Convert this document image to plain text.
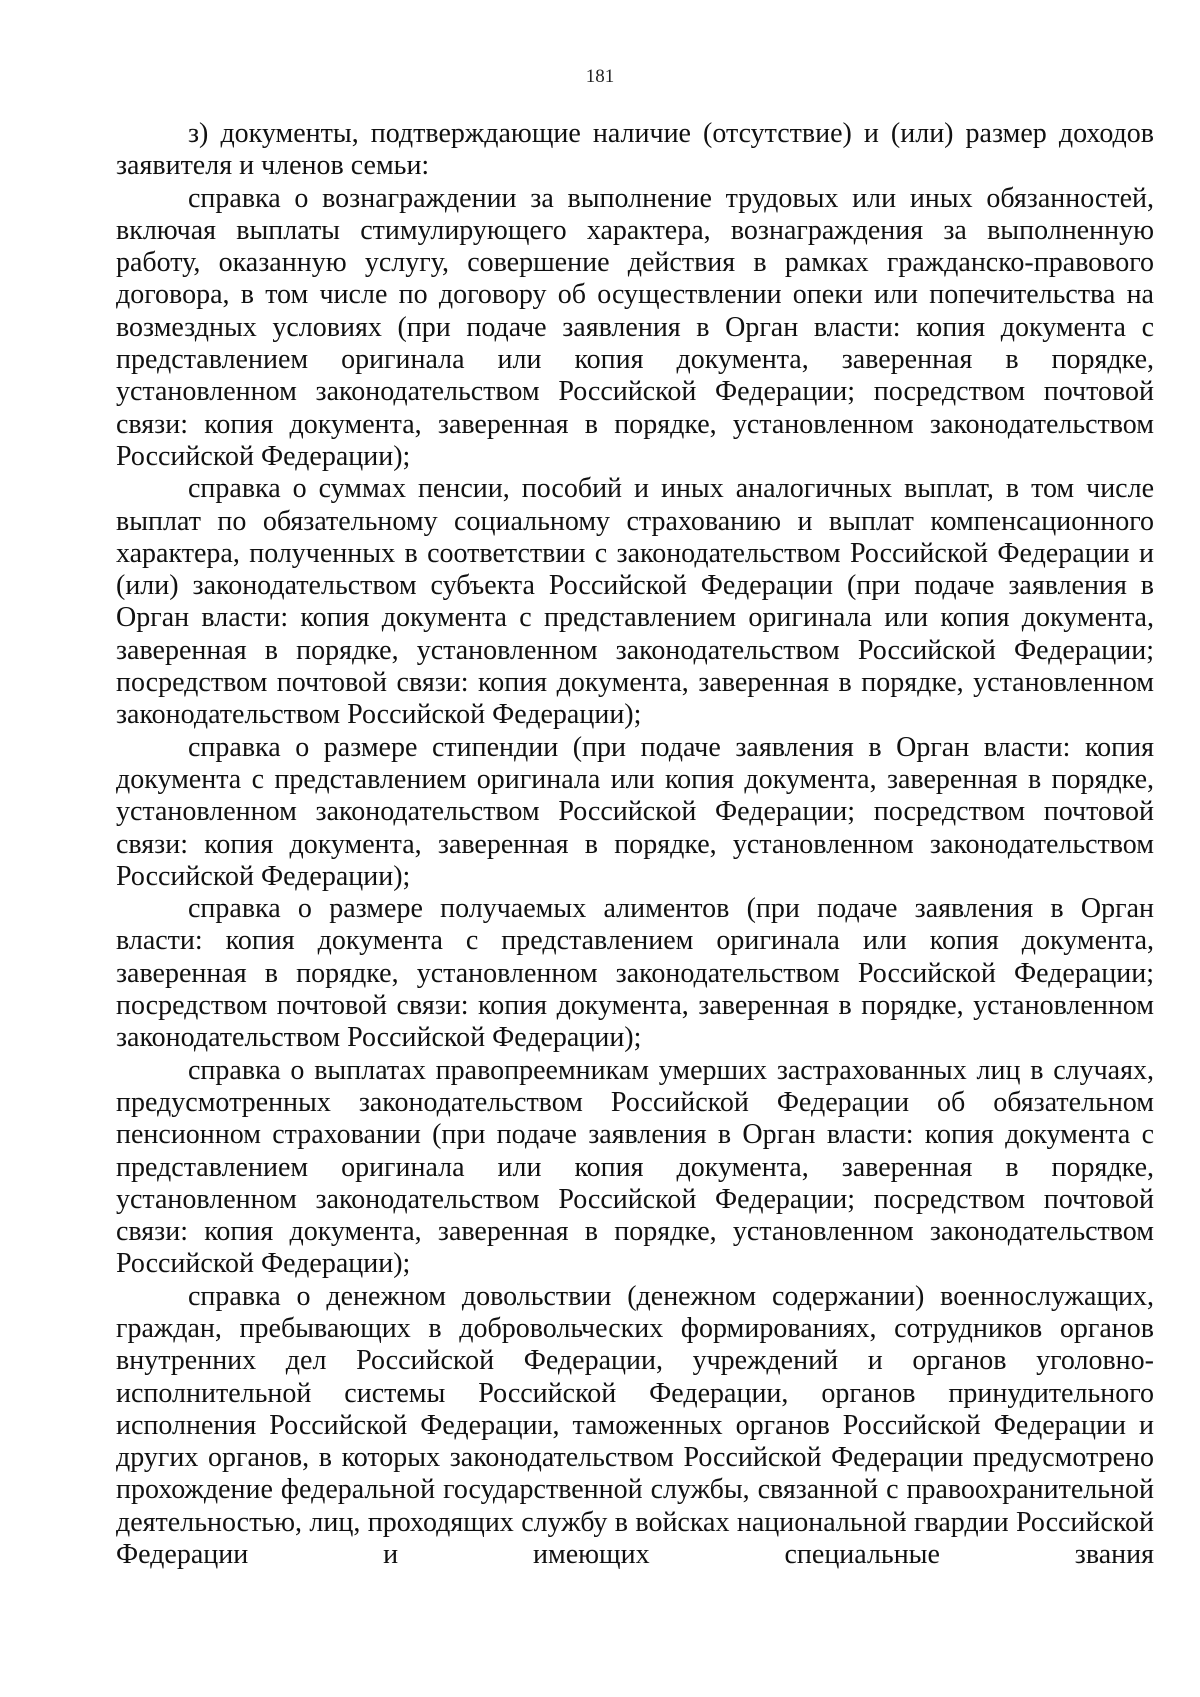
181

з) документы, подтверждающие наличие (отсутствие) и (или) размер доходов заявителя и членов семьи:

справка о вознаграждении за выполнение трудовых или иных обязанностей, включая выплаты стимулирующего характера, вознаграждения за выполненную работу, оказанную услугу, совершение действия в рамках гражданско-правового договора, в том числе по договору об осуществлении опеки или попечительства на возмездных условиях (при подаче заявления в Орган власти: копия документа с представлением оригинала или копия документа, заверенная в порядке, установленном законодательством Российской Федерации; посредством почтовой связи: копия документа, заверенная в порядке, установленном законодательством Российской Федерации);

справка о суммах пенсии, пособий и иных аналогичных выплат, в том числе выплат по обязательному социальному страхованию и выплат компенсационного характера, полученных в соответствии с законодательством Российской Федерации и (или) законодательством субъекта Российской Федерации (при подаче заявления в Орган власти: копия документа с представлением оригинала или копия документа, заверенная в порядке, установленном законодательством Российской Федерации; посредством почтовой связи: копия документа, заверенная в порядке, установленном законодательством Российской Федерации);

справка о размере стипендии (при подаче заявления в Орган власти: копия документа с представлением оригинала или копия документа, заверенная в порядке, установленном законодательством Российской Федерации; посредством почтовой связи: копия документа, заверенная в порядке, установленном законодательством Российской Федерации);

справка о размере получаемых алиментов (при подаче заявления в Орган власти: копия документа с представлением оригинала или копия документа, заверенная в порядке, установленном законодательством Российской Федерации; посредством почтовой связи: копия документа, заверенная в порядке, установленном законодательством Российской Федерации);

справка о выплатах правопреемникам умерших застрахованных лиц в случаях, предусмотренных законодательством Российской Федерации об обязательном пенсионном страховании (при подаче заявления в Орган власти: копия документа с представлением оригинала или копия документа, заверенная в порядке, установленном законодательством Российской Федерации; посредством почтовой связи: копия документа, заверенная в порядке, установленном законодательством Российской Федерации);

справка о денежном довольствии (денежном содержании) военнослужащих, граждан, пребывающих в добровольческих формированиях, сотрудников органов внутренних дел Российской Федерации, учреждений и органов уголовно-исполнительной системы Российской Федерации, органов принудительного исполнения Российской Федерации, таможенных органов Российской Федерации и других органов, в которых законодательством Российской Федерации предусмотрено прохождение федеральной государственной службы, связанной с правоохранительной деятельностью, лиц, проходящих службу в войсках национальной гвардии Российской Федерации и имеющих специальные звания
